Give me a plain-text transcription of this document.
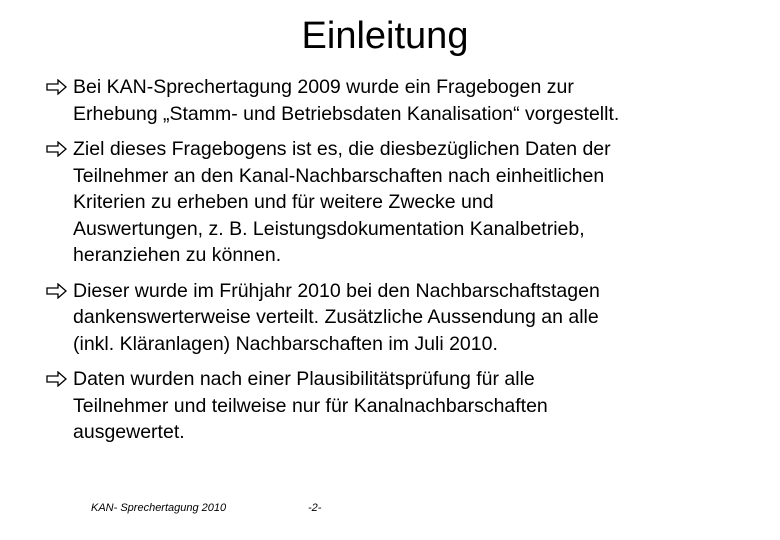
Einleitung
Bei KAN-Sprechertagung 2009 wurde ein Fragebogen zur
Erhebung „Stamm- und Betriebsdaten Kanalisation“ vorgestellt.
Ziel dieses Fragebogens ist es, die diesbezüglichen Daten der
Teilnehmer an den Kanal-Nachbarschaften nach einheitlichen
Kriterien zu erheben und für weitere Zwecke und
Auswertungen, z. B. Leistungsdokumentation Kanalbetrieb,
heranziehen zu können.
Dieser wurde im Frühjahr 2010 bei den Nachbarschaftstagen
dankenswerterweise verteilt. Zusätzliche Aussendung an alle
(inkl. Kläranlagen) Nachbarschaften im Juli 2010.
Daten wurden nach einer Plausibilitätsprüfung für alle
Teilnehmer und teilweise nur für Kanalnachbarschaften
ausgewertet.
KAN- Sprechertagung 2010	-2-
